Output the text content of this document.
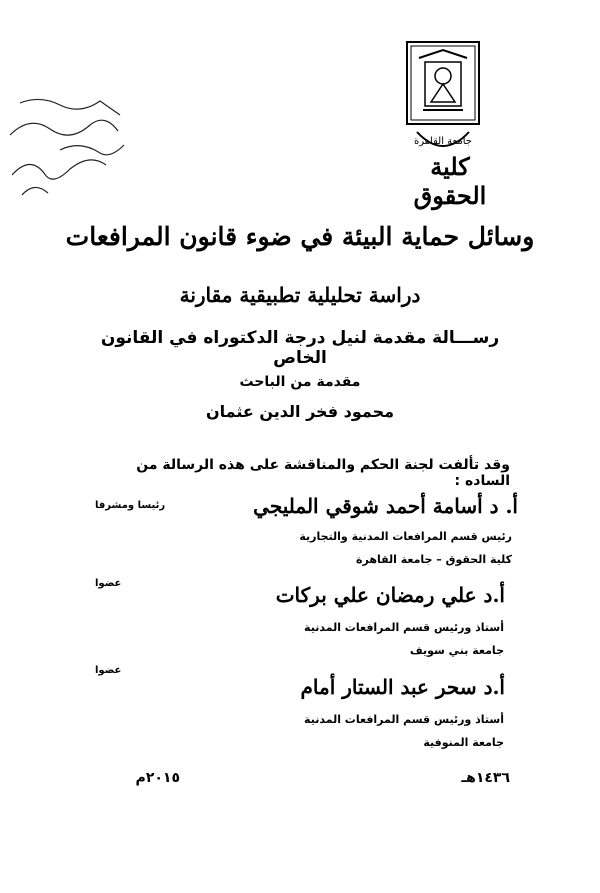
جامعة القاهرة
كلية الحقوق
وسائل حماية البيئة في ضوء قانون المرافعات
دراسة تحليلية تطبيقية مقارنة
رســـالة مقدمة لنيل درجة الدكتوراه في القانون الخاص
مقدمة من الباحث
محمود فخر الدين عثمان
وقد تألفت لجنة الحكم والمناقشة على هذه الرسالة من الساده :
أ. د أسامة أحمد شوقي المليجي
رئيسا ومشرفا
رئيس قسم المرافعات المدنية والتجارية
كلية الحقوق – جامعة القاهرة
أ.د علي رمضان علي بركات
عضوا
أستاذ ورئيس قسم المرافعات المدنية
جامعة بني سويف
أ.د سحر عبد الستار أمام
عضوا
أستاذ ورئيس قسم المرافعات المدنية
جامعة المنوفية
١٤٣٦هـ
٢٠١٥م
